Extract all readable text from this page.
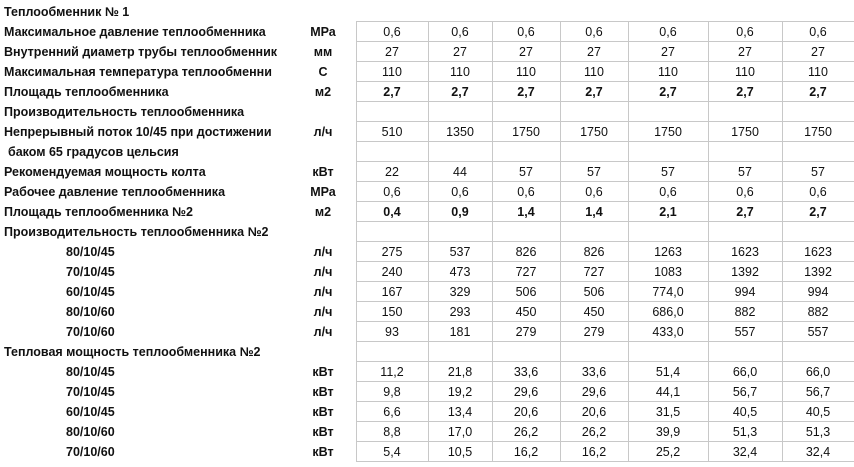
Теплообменник № 1
Максимальное давление теплообменника	МРа	0,6	0,6	0,6	0,6	0,6	0,6	0,6
Внутренний диаметр трубы теплообменник	мм	27	27	27	27	27	27	27
Максимальная температура теплообменни	С	110	110	110	110	110	110	110
Площадь теплообменника	м2	2,7	2,7	2,7	2,7	2,7	2,7	2,7
Производительность теплообменника
Непрерывный поток 10/45 при достижении	л/ч	510	1350	1750	1750	1750	1750	1750
баком 65 градусов цельсия
Рекомендуемая мощность колта	кВт	22	44	57	57	57	57	57
Рабочее давление теплообменника	МРа	0,6	0,6	0,6	0,6	0,6	0,6	0,6
Площадь теплообменника №2	м2	0,4	0,9	1,4	1,4	2,1	2,7	2,7
Производительность теплообменника №2
80/10/45	л/ч	275	537	826	826	1263	1623	1623
70/10/45	л/ч	240	473	727	727	1083	1392	1392
60/10/45	л/ч	167	329	506	506	774,0	994	994
80/10/60	л/ч	150	293	450	450	686,0	882	882
70/10/60	л/ч	93	181	279	279	433,0	557	557
Тепловая мощность теплообменника №2
80/10/45	кВт	11,2	21,8	33,6	33,6	51,4	66,0	66,0
70/10/45	кВт	9,8	19,2	29,6	29,6	44,1	56,7	56,7
60/10/45	кВт	6,6	13,4	20,6	20,6	31,5	40,5	40,5
80/10/60	кВт	8,8	17,0	26,2	26,2	39,9	51,3	51,3
70/10/60	кВт	5,4	10,5	16,2	16,2	25,2	32,4	32,4
